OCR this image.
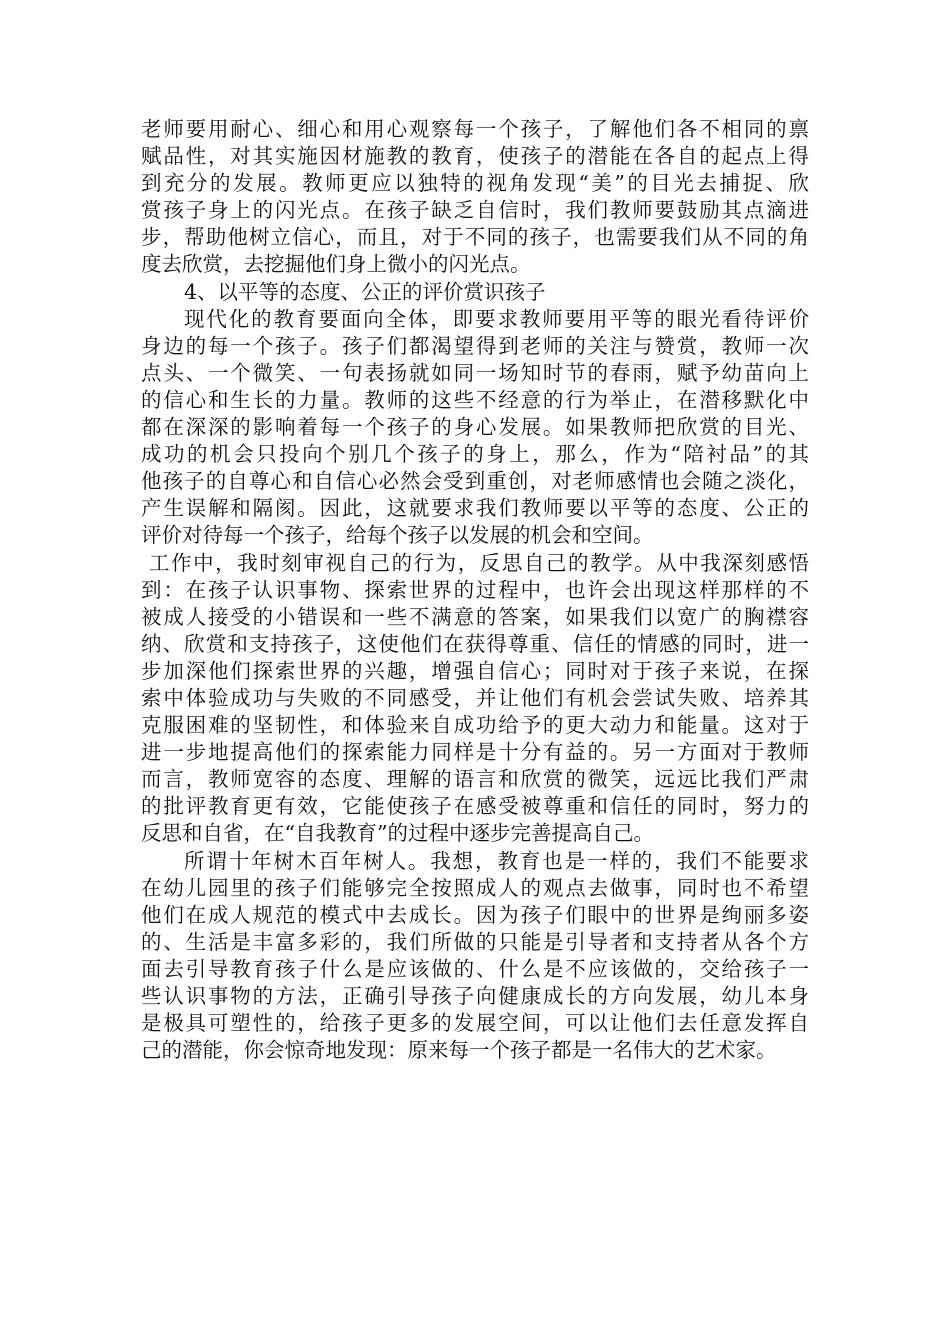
老师要用耐心、细心和用心观察每一个孩子，了解他们各不相同的禀
赋品性，对其实施因材施教的教育，使孩子的潜能在各自的起点上得
到充分的发展。教师更应以独特的视角发现“美”的目光去捕捉、欣
赏孩子身上的闪光点。在孩子缺乏自信时，我们教师要鼓励其点滴进
步，帮助他树立信心，而且，对于不同的孩子，也需要我们从不同的角
度去欣赏，去挖掘他们身上微小的闪光点。
4、以平等的态度、公正的评价赏识孩子
现代化的教育要面向全体，即要求教师要用平等的眼光看待评价
身边的每一个孩子。孩子们都渴望得到老师的关注与赞赏，教师一次
点头、一个微笑、一句表扬就如同一场知时节的春雨，赋予幼苗向上
的信心和生长的力量。教师的这些不经意的行为举止，在潜移默化中
都在深深的影响着每一个孩子的身心发展。如果教师把欣赏的目光、
成功的机会只投向个别几个孩子的身上，那么，作为“陪衬品”的其
他孩子的自尊心和自信心必然会受到重创，对老师感情也会随之淡化，
产生误解和隔阂。因此，这就要求我们教师要以平等的态度、公正的
评价对待每一个孩子，给每个孩子以发展的机会和空间。
工作中，我时刻审视自己的行为，反思自己的教学。从中我深刻感悟
到：在孩子认识事物、探索世界的过程中，也许会出现这样那样的不
被成人接受的小错误和一些不满意的答案，如果我们以宽广的胸襟容
纳、欣赏和支持孩子，这使他们在获得尊重、信任的情感的同时，进一
步加深他们探索世界的兴趣，增强自信心；同时对于孩子来说，在探
索中体验成功与失败的不同感受，并让他们有机会尝试失败、培养其
克服困难的坚韧性，和体验来自成功给予的更大动力和能量。这对于
进一步地提高他们的探索能力同样是十分有益的。另一方面对于教师
而言，教师宽容的态度、理解的语言和欣赏的微笑，远远比我们严肃
的批评教育更有效，它能使孩子在感受被尊重和信任的同时，努力的
反思和自省，在“自我教育”的过程中逐步完善提高自己。
所谓十年树木百年树人。我想，教育也是一样的，我们不能要求
在幼儿园里的孩子们能够完全按照成人的观点去做事，同时也不希望
他们在成人规范的模式中去成长。因为孩子们眼中的世界是绚丽多姿
的、生活是丰富多彩的，我们所做的只能是引导者和支持者从各个方
面去引导教育孩子什么是应该做的、什么是不应该做的，交给孩子一
些认识事物的方法，正确引导孩子向健康成长的方向发展，幼儿本身
是极具可塑性的，给孩子更多的发展空间，可以让他们去任意发挥自
己的潜能，你会惊奇地发现：原来每一个孩子都是一名伟大的艺术家。
